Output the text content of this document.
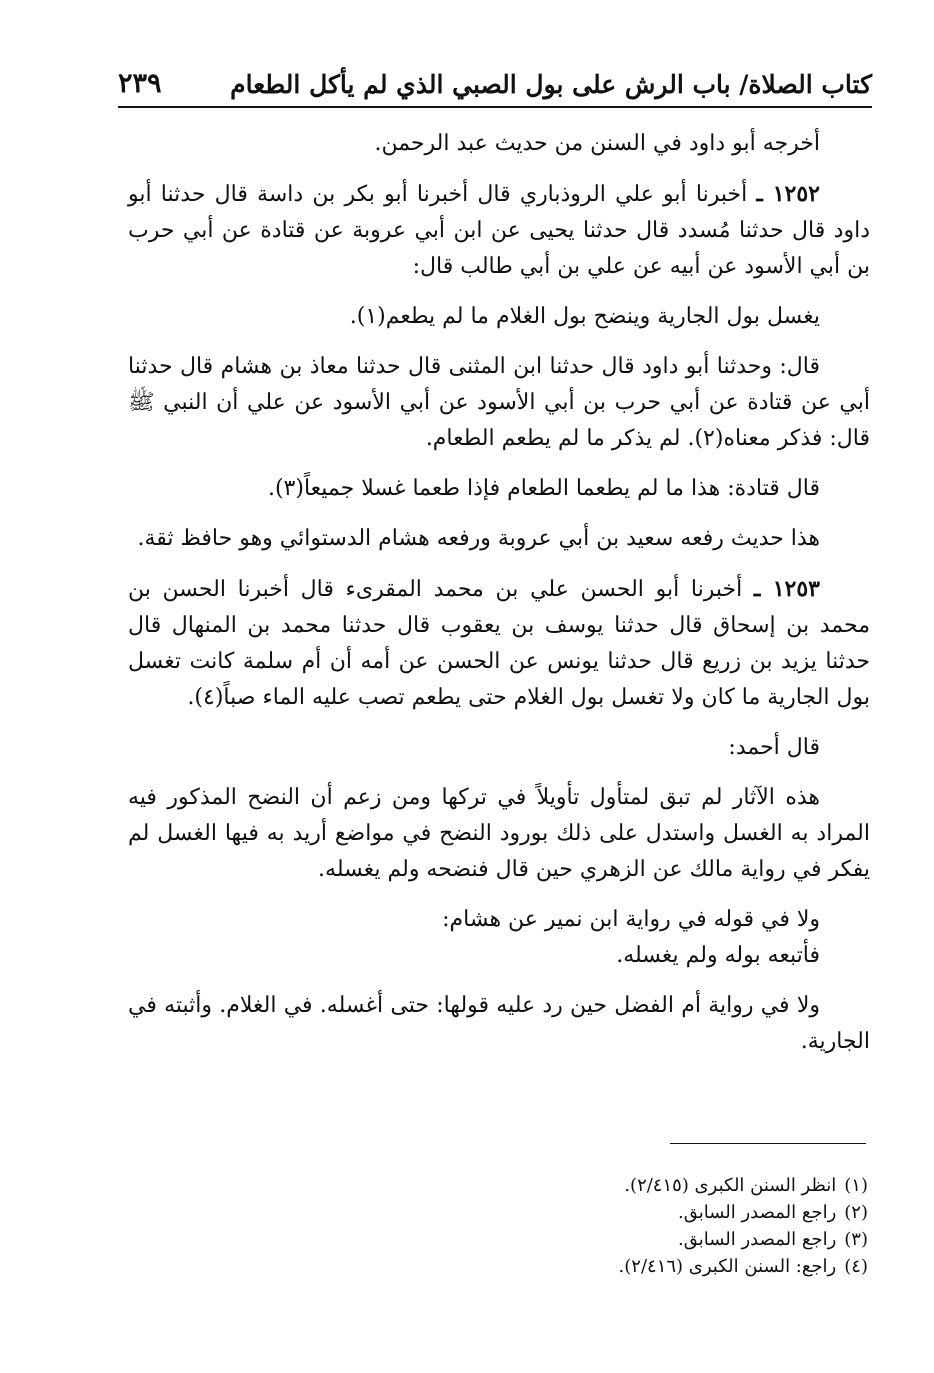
كتاب الصلاة/ باب الرش على بول الصبي الذي لم يأكل الطعام
٢٣٩

أخرجه أبو داود في السنن من حديث عبد الرحمن.

١٢٥٢ ـ أخبرنا أبو علي الروذباري قال أخبرنا أبو بكر بن داسة قال حدثنا أبو داود قال حدثنا مُسدد قال حدثنا يحيى عن ابن أبي عروبة عن قتادة عن أبي حرب بن أبي الأسود عن أبيه عن علي بن أبي طالب قال:

يغسل بول الجارية وينضح بول الغلام ما لم يطعم(١).

قال: وحدثنا أبو داود قال حدثنا ابن المثنى قال حدثنا معاذ بن هشام قال حدثنا أبي عن قتادة عن أبي حرب بن أبي الأسود عن أبي الأسود عن علي أن النبي ﷺ قال: فذكر معناه(٢). لم يذكر ما لم يطعم الطعام.

قال قتادة: هذا ما لم يطعما الطعام فإذا طعما غسلا جميعاً(٣).

هذا حديث رفعه سعيد بن أبي عروبة ورفعه هشام الدستوائي وهو حافظ ثقة.

١٢٥٣ ـ أخبرنا أبو الحسن علي بن محمد المقرىء قال أخبرنا الحسن بن محمد بن إسحاق قال حدثنا يوسف بن يعقوب قال حدثنا محمد بن المنهال قال حدثنا يزيد بن زريع قال حدثنا يونس عن الحسن عن أمه أن أم سلمة كانت تغسل بول الجارية ما كان ولا تغسل بول الغلام حتى يطعم تصب عليه الماء صباً(٤).

قال أحمد:

هذه الآثار لم تبق لمتأول تأويلاً في تركها ومن زعم أن النضح المذكور فيه المراد به الغسل واستدل على ذلك بورود النضح في مواضع أريد به فيها الغسل لم يفكر في رواية مالك عن الزهري حين قال فنضحه ولم يغسله.

ولا في قوله في رواية ابن نمير عن هشام:

فأتبعه بوله ولم يغسله.

ولا في رواية أم الفضل حين رد عليه قولها: حتى أغسله. في الغلام. وأثبته في الجارية.

(١)انظر السنن الكبرى (٢/٤١٥).
(٢)راجع المصدر السابق.
(٣)راجع المصدر السابق.
(٤)راجع: السنن الكبرى (٢/٤١٦).
